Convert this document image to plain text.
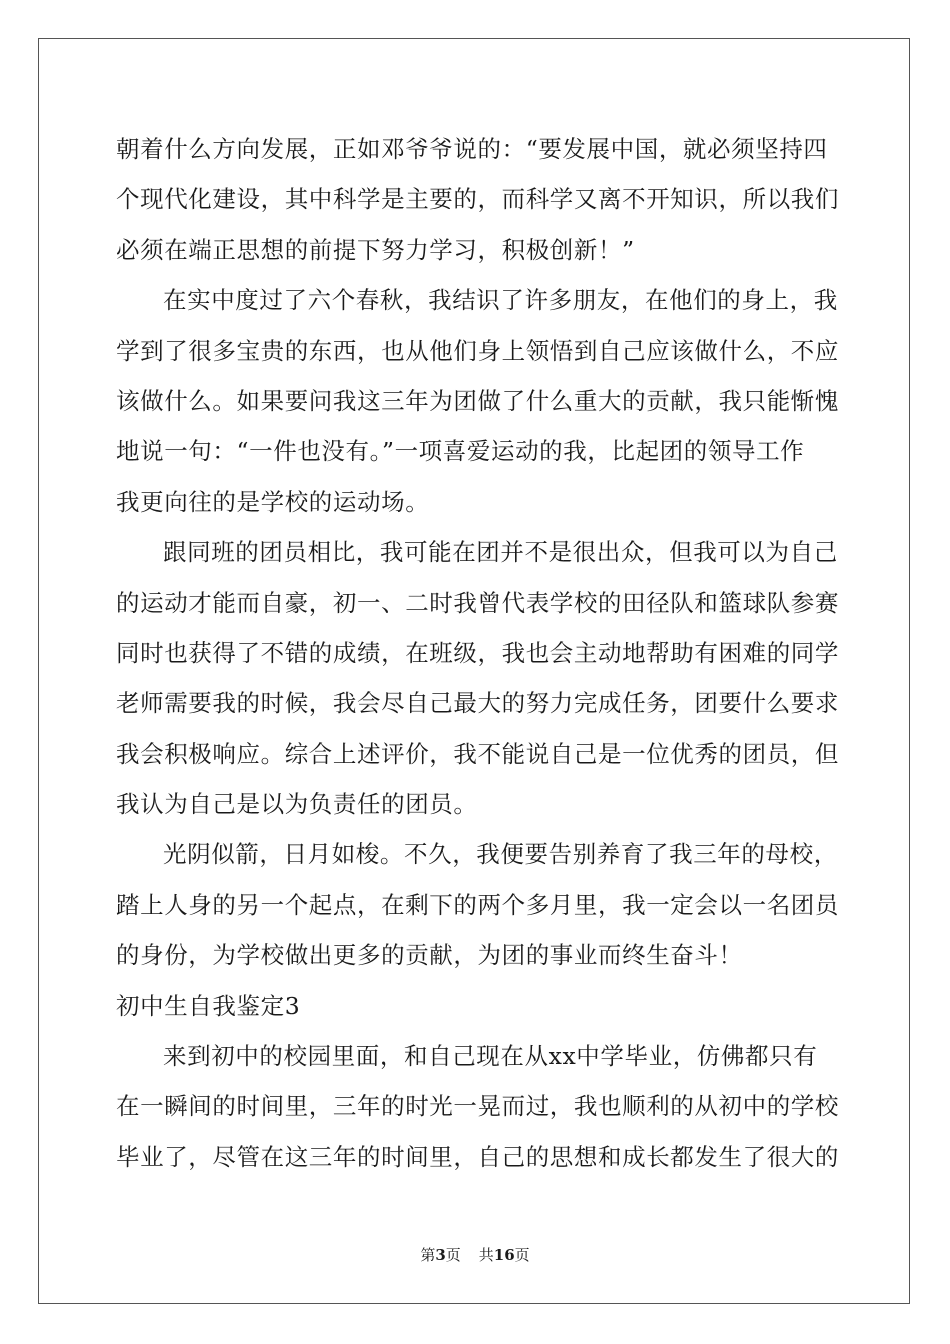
朝着什么方向发展，正如邓爷爷说的：“要发展中国，就必须坚持四
个现代化建设，其中科学是主要的，而科学又离不开知识，所以我们
必须在端正思想的前提下努力学习，积极创新！”
在实中度过了六个春秋，我结识了许多朋友，在他们的身上，我
学到了很多宝贵的东西，也从他们身上领悟到自己应该做什么，不应
该做什么。如果要问我这三年为团做了什么重大的贡献，我只能惭愧
地说一句：“一件也没有。”一项喜爱运动的我，比起团的领导工作
我更向往的是学校的运动场。
跟同班的团员相比，我可能在团并不是很出众，但我可以为自己
的运动才能而自豪，初一、二时我曾代表学校的田径队和篮球队参赛
同时也获得了不错的成绩，在班级，我也会主动地帮助有困难的同学
老师需要我的时候，我会尽自己最大的努力完成任务，团要什么要求
我会积极响应。综合上述评价，我不能说自己是一位优秀的团员，但
我认为自己是以为负责任的团员。
光阴似箭，日月如梭。不久，我便要告别养育了我三年的母校，
踏上人身的另一个起点，在剩下的两个多月里，我一定会以一名团员
的身份，为学校做出更多的贡献，为团的事业而终生奋斗！
初中生自我鉴定3
来到初中的校园里面，和自己现在从xx中学毕业，仿佛都只有
在一瞬间的时间里，三年的时光一晃而过，我也顺利的从初中的学校
毕业了，尽管在这三年的时间里，自己的思想和成长都发生了很大的
第3页 共16页
